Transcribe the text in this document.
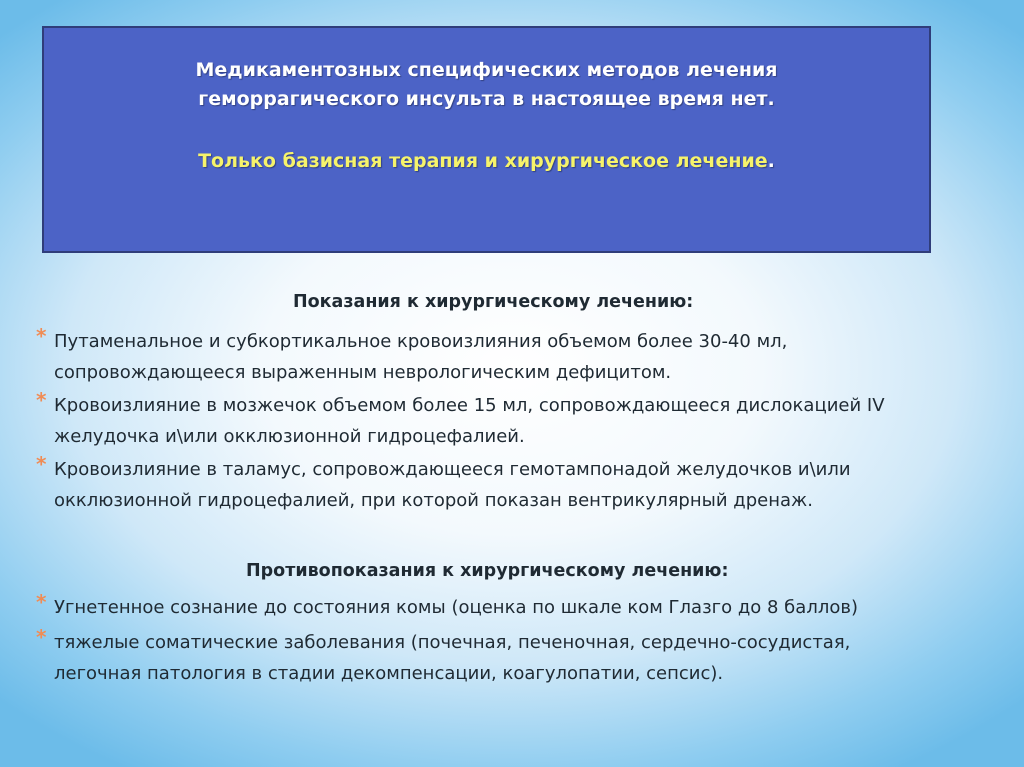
Медикаментозных специфических методов лечения
геморрагического инсульта в настоящее время нет.
Только базисная терапия и хирургическое лечение.
Показания к хирургическому лечению:
* Путаменальное и субкортикальное кровоизлияния объемом более 30-40 мл,
сопровождающееся выраженным неврологическим дефицитом.
* Кровоизлияние в мозжечок объемом более 15 мл, сопровождающееся дислокацией IV
желудочка и\или окклюзионной гидроцефалией.
* Кровоизлияние в таламус, сопровождающееся гемотампонадой желудочков и\или
окклюзионной гидроцефалией, при которой показан вентрикулярный дренаж.
Противопоказания к хирургическому лечению:
* Угнетенное сознание до состояния комы (оценка по шкале ком Глазго до 8 баллов)
* тяжелые соматические заболевания (почечная, печеночная, сердечно-сосудистая,
легочная патология в стадии декомпенсации, коагулопатии, сепсис).
